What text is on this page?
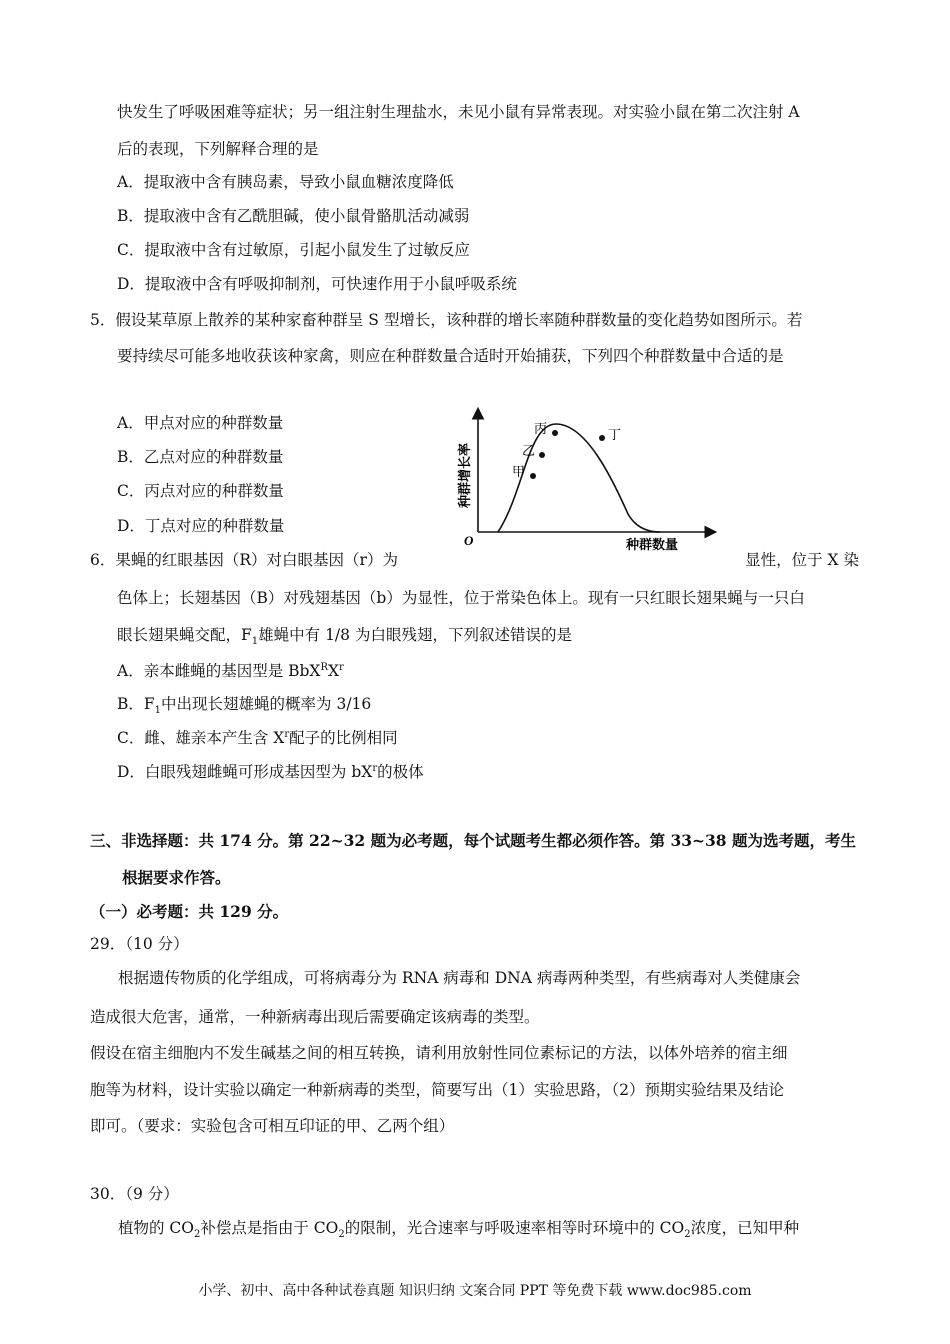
快发生了呼吸困难等症状；另一组注射生理盐水，未见小鼠有异常表现。对实验小鼠在第二次注射 A
后的表现，下列解释合理的是
A．提取液中含有胰岛素，导致小鼠血糖浓度降低
B．提取液中含有乙酰胆碱，使小鼠骨骼肌活动减弱
C．提取液中含有过敏原，引起小鼠发生了过敏反应
D．提取液中含有呼吸抑制剂，可快速作用于小鼠呼吸系统
5．假设某草原上散养的某种家畜种群呈 S 型增长，该种群的增长率随种群数量的变化趋势如图所示。若
要持续尽可能多地收获该种家禽，则应在种群数量合适时开始捕获，下列四个种群数量中合适的是
A．甲点对应的种群数量
B．乙点对应的种群数量
C．丙点对应的种群数量
D．丁点对应的种群数量
甲
乙
丙	丁
O	种群数量
种群增长率
6．果蝇的红眼基因（R）对白眼基因（r）为	显性，位于 X 染
色体上；长翅基因（B）对残翅基因（b）为显性，位于常染色体上。现有一只红眼长翅果蝇与一只白
眼长翅果蝇交配，$F_1$雄蝇中有 1/8 为白眼残翅，下列叙述错误的是
A．亲本雌蝇的基因型是 $BbX^RX^r$
B．$F_1$中出现长翅雄蝇的概率为 3/16
C．雌、雄亲本产生含 $X^r$配子的比例相同
D．白眼残翅雌蝇可形成基因型为 $bX^r$的极体
三、非选择题：共 174 分。第 22~32 题为必考题，每个试题考生都必须作答。第 33~38 题为选考题，考生
根据要求作答。
（一）必考题：共 129 分。
29．（10 分）
根据遗传物质的化学组成，可将病毒分为 RNA 病毒和 DNA 病毒两种类型，有些病毒对人类健康会
造成很大危害，通常，一种新病毒出现后需要确定该病毒的类型。
假设在宿主细胞内不发生碱基之间的相互转换，请利用放射性同位素标记的方法，以体外培养的宿主细
胞等为材料，设计实验以确定一种新病毒的类型，简要写出（1）实验思路，（2）预期实验结果及结论
即可。（要求：实验包含可相互印证的甲、乙两个组）
30．（9 分）
植物的 $CO_2$补偿点是指由于 $CO_2$的限制，光合速率与呼吸速率相等时环境中的 $CO_2$浓度，已知甲种
小学、初中、高中各种试卷真题 知识归纳 文案合同 PPT 等免费下载 www.doc985.com
